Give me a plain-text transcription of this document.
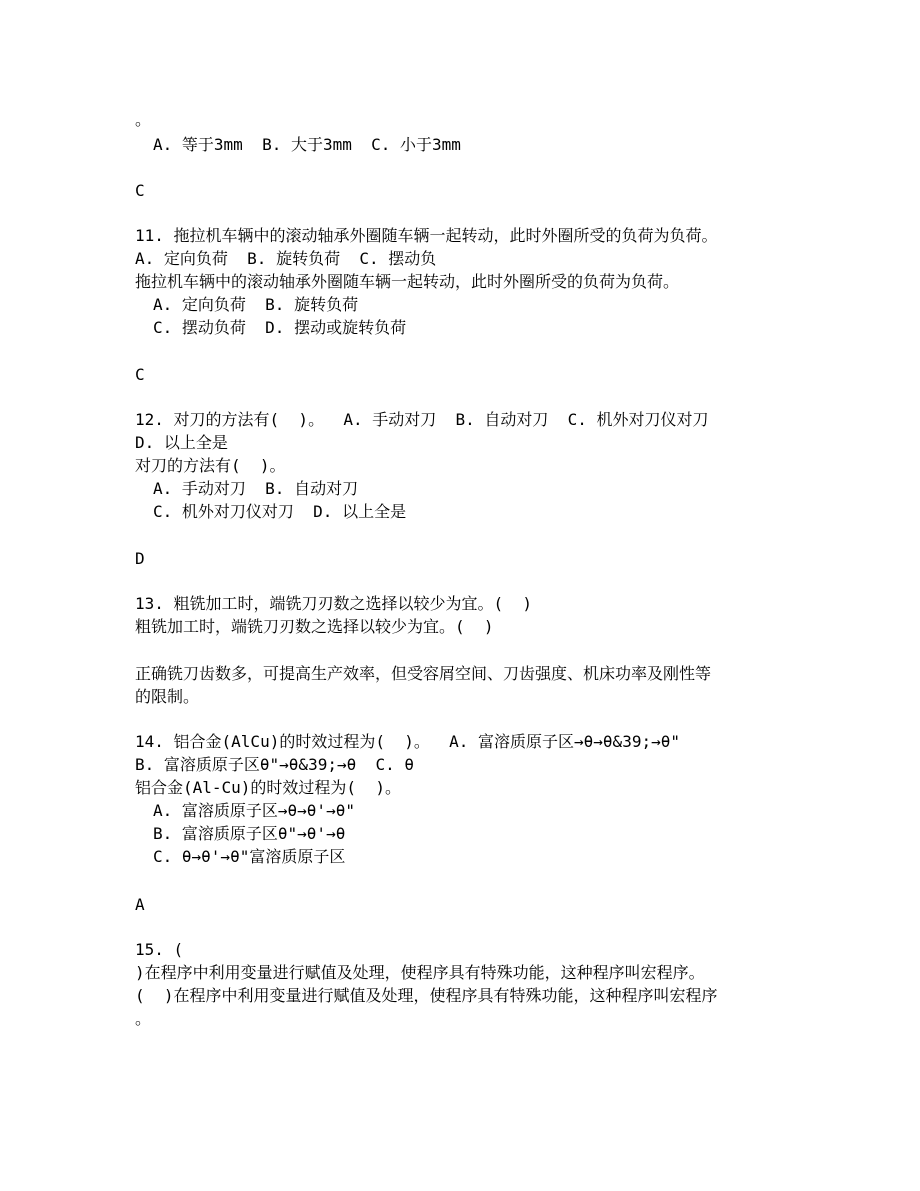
。

A. 等于3mm  B. 大于3mm  C. 小于3mm

C

11. 拖拉机车辆中的滚动轴承外圈随车辆一起转动，此时外圈所受的负荷为负荷。

A. 定向负荷  B. 旋转负荷  C. 摆动负

拖拉机车辆中的滚动轴承外圈随车辆一起转动，此时外圈所受的负荷为负荷。

A. 定向负荷  B. 旋转负荷

C. 摆动负荷  D. 摆动或旋转负荷

C

12. 对刀的方法有(  )。  A. 手动对刀  B. 自动对刀  C. 机外对刀仪对刀

D. 以上全是

对刀的方法有(  )。

A. 手动对刀  B. 自动对刀

C. 机外对刀仪对刀  D. 以上全是

D

13. 粗铣加工时，端铣刀刃数之选择以较少为宜。(  )

粗铣加工时，端铣刀刃数之选择以较少为宜。(  )

正确铣刀齿数多，可提高生产效率，但受容屑空间、刀齿强度、机床功率及刚性等

的限制。

14. 铝合金(AlCu)的时效过程为(  )。  A. 富溶质原子区→θ→θ&39;→θ"

B. 富溶质原子区θ"→θ&39;→θ  C. θ

铝合金(Al-Cu)的时效过程为(  )。

A. 富溶质原子区→θ→θ'→θ"

B. 富溶质原子区θ"→θ'→θ

C. θ→θ'→θ"富溶质原子区

A

15. (

)在程序中利用变量进行赋值及处理，使程序具有特殊功能，这种程序叫宏程序。

(  )在程序中利用变量进行赋值及处理，使程序具有特殊功能，这种程序叫宏程序

。
